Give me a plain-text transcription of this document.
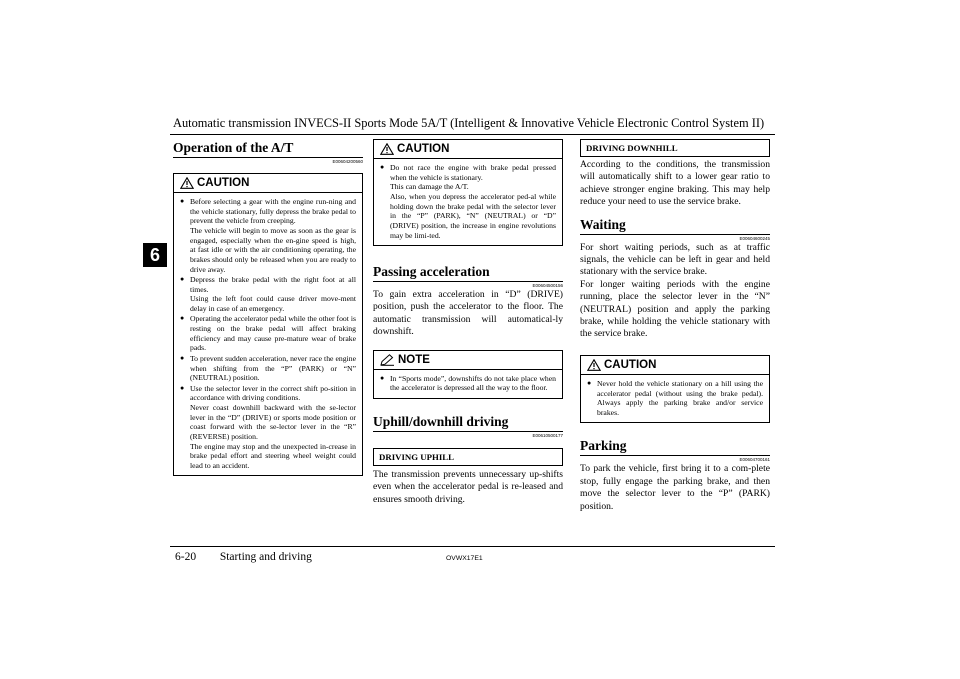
Automatic transmission INVECS-II Sports Mode 5A/T (Intelligent & Innovative Vehicle Electronic Control System II)
6
Operation of the A/T
E00604200560
CAUTION
● Before selecting a gear with the engine run-ning and the vehicle stationary, fully depress the brake pedal to prevent the vehicle from creeping.
The vehicle will begin to move as soon as the gear is engaged, especially when the en-gine speed is high, at fast idle or with the air conditioning operating, the brakes should only be released when you are ready to drive away.
● Depress the brake pedal with the right foot at all times.
Using the left foot could cause driver move-ment delay in case of an emergency.
● Operating the accelerator pedal while the other foot is resting on the brake pedal will affect braking efficiency and may cause pre-mature wear of brake pads.
● To prevent sudden acceleration, never race the engine when shifting from the “P” (PARK) or “N” (NEUTRAL) position.
● Use the selector lever in the correct shift po-sition in accordance with driving conditions.
Never coast downhill backward with the se-lector lever in the “D” (DRIVE) or sports mode position or coast forward with the se-lector lever in the “R” (REVERSE) position.
The engine may stop and the unexpected in-crease in brake pedal effort and steering wheel weight could lead to an accident.
CAUTION
● Do not race the engine with brake pedal pressed when the vehicle is stationary.
This can damage the A/T.
Also, when you depress the accelerator ped-al while holding down the brake pedal with the selector lever in the “P” (PARK), “N” (NEUTRAL) or “D” (DRIVE) position, the increase in engine revolutions may be limi-ted.
Passing acceleration
E00604500156

To gain extra acceleration in “D” (DRIVE) position, push the accelerator to the floor. The automatic transmission will automatical-ly downshift.

NOTE
● In “Sports mode”, downshifts do not take place when the accelerator is depressed all the way to the floor.
Uphill/downhill driving
E00610500177
DRIVING UPHILL

The transmission prevents unnecessary up-shifts even when the accelerator pedal is re-leased and ensures smooth driving.

DRIVING DOWNHILL

According to the conditions, the transmission will automatically shift to a lower gear ratio to achieve stronger engine braking. This may help reduce your need to use the service brake.

Waiting
E00604600245

For short waiting periods, such as at traffic signals, the vehicle can be left in gear and held stationary with the service brake.
For longer waiting periods with the engine running, place the selector lever in the “N” (NEUTRAL) position and apply the parking brake, while holding the vehicle stationary with the service brake.

CAUTION
● Never hold the vehicle stationary on a hill using the accelerator pedal (without using the brake pedal). Always apply the parking brake and/or service brakes.
Parking
E00604700161

To park the vehicle, first bring it to a com-plete stop, fully engage the parking brake, and then move the selector lever to the “P” (PARK) position.

6-20 Starting and driving	OVWX17E1
